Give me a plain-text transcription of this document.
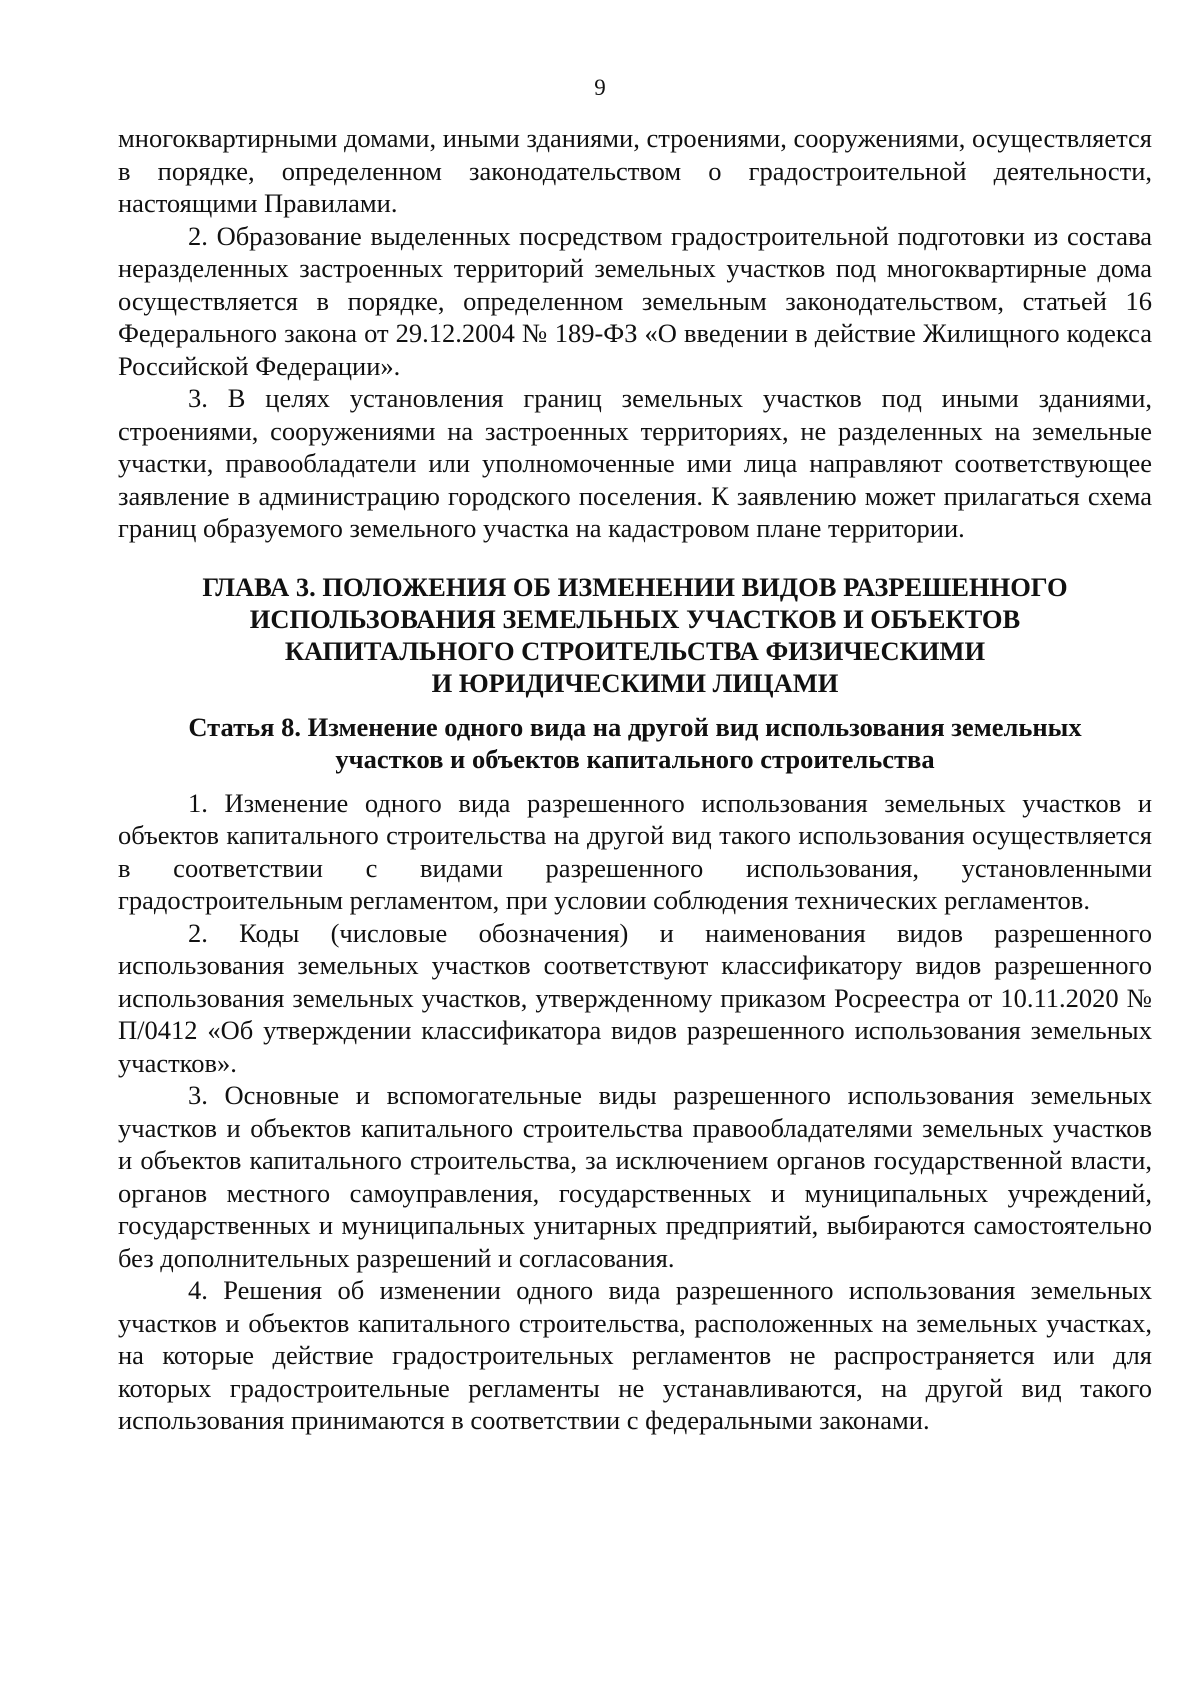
9

многоквартирными домами, иными зданиями, строениями, сооружениями, осуществляется в порядке, определенном законодательством о градостроительной деятельности, настоящими Правилами.

2. Образование выделенных посредством градостроительной подготовки из состава неразделенных застроенных территорий земельных участков под многоквартирные дома осуществляется в порядке, определенном земельным законодательством, статьей 16 Федерального закона от 29.12.2004 № 189-ФЗ «О введении в действие Жилищного кодекса Российской Федерации».

3. В целях установления границ земельных участков под иными зданиями, строениями, сооружениями на застроенных территориях, не разделенных на земельные участки, правообладатели или уполномоченные ими лица направляют соответствующее заявление в администрацию городского поселения. К заявлению может прилагаться схема границ образуемого земельного участка на кадастровом плане территории.

ГЛАВА 3. ПОЛОЖЕНИЯ ОБ ИЗМЕНЕНИИ ВИДОВ РАЗРЕШЕННОГО
ИСПОЛЬЗОВАНИЯ ЗЕМЕЛЬНЫХ УЧАСТКОВ И ОБЪЕКТОВ
КАПИТАЛЬНОГО СТРОИТЕЛЬСТВА ФИЗИЧЕСКИМИ
И ЮРИДИЧЕСКИМИ ЛИЦАМИ
Статья 8. Изменение одного вида на другой вид использования земельных
участков и объектов капитального строительства

1. Изменение одного вида разрешенного использования земельных участков и объектов капитального строительства на другой вид такого использования осуществляется в соответствии с видами разрешенного использования, установленными градостроительным регламентом, при условии соблюдения технических регламентов.

2. Коды (числовые обозначения) и наименования видов разрешенного использования земельных участков соответствуют классификатору видов разрешенного использования земельных участков, утвержденному приказом Росреестра от 10.11.2020 № П/0412 «Об утверждении классификатора видов разрешенного использования земельных участков».

3. Основные и вспомогательные виды разрешенного использования земельных участков и объектов капитального строительства правообладателями земельных участков и объектов капитального строительства, за исключением органов государственной власти, органов местного самоуправления, государственных и муниципальных учреждений, государственных и муниципальных унитарных предприятий, выбираются самостоятельно без дополнительных разрешений и согласования.

4. Решения об изменении одного вида разрешенного использования земельных участков и объектов капитального строительства, расположенных на земельных участках, на которые действие градостроительных регламентов не распространяется или для которых градостроительные регламенты не устанавливаются, на другой вид такого использования принимаются в соответствии с федеральными законами.
